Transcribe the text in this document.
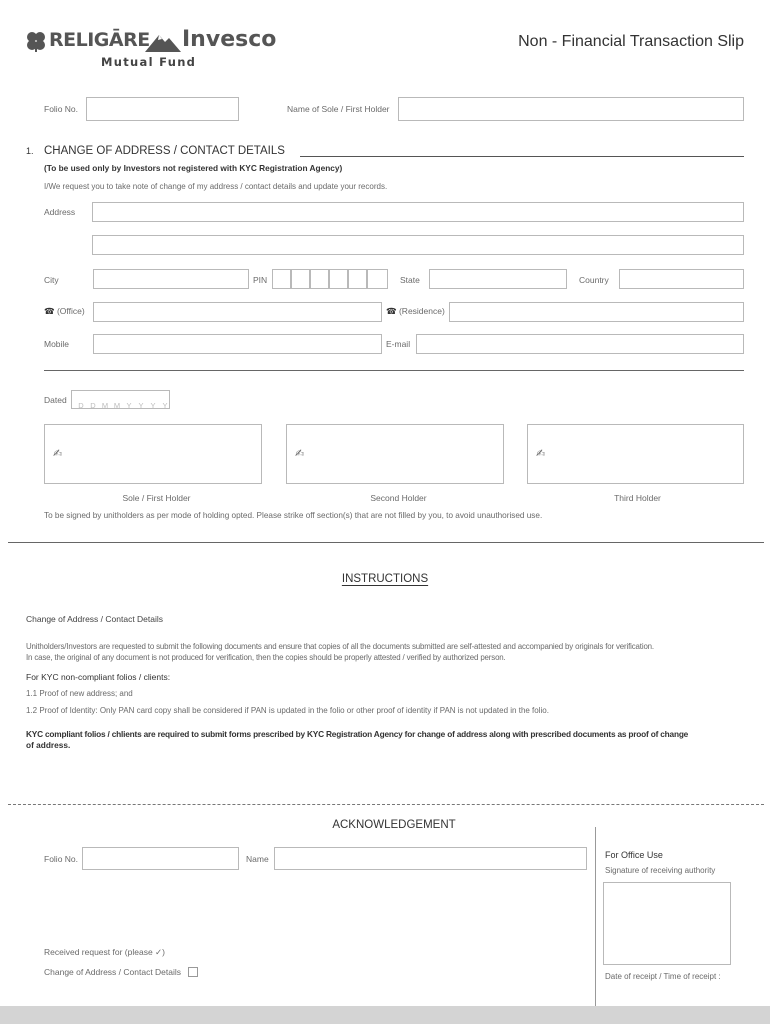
RELIGĀRE Invesco
Mutual Fund
Non - Financial Transaction Slip
Folio No.	Name of Sole / First Holder
1. CHANGE OF ADDRESS / CONTACT DETAILS
(To be used only by Investors not registered with KYC Registration Agency)
I/We request you to take note of change of my address / contact details and update your records.
Address
City	PIN	State	Country
☎ (Office)	☎ (Residence)
Mobile	E-mail
Dated
D D M M Y Y Y Y
✍	✍	✍
Sole / First Holder	Second Holder	Third Holder
To be signed by unitholders as per mode of holding opted. Please strike off section(s) that are not filled by you, to avoid unauthorised use.
INSTRUCTIONS
Change of Address / Contact Details
Unitholders/Investors are requested to submit the following documents and ensure that copies of all the documents submitted are self-attested and accompanied by originals for verification.
In case, the original of any document is not produced for verification, then the copies should be properly attested / verified by authorized person.
For KYC non-compliant folios / clients:
1.1 Proof of new address; and
1.2 Proof of Identity: Only PAN card copy shall be considered if PAN is updated in the folio or other proof of identity if PAN is not updated in the folio.
KYC compliant folios / chlients are required to submit forms prescribed by KYC Registration Agency for change of address along with prescribed documents as proof of change
of address.
ACKNOWLEDGEMENT
Folio No.	Name	For Office Use
Signature of receiving authority
Date of receipt / Time of receipt :
Received request for (please ✓)
Change of Address / Contact Details
